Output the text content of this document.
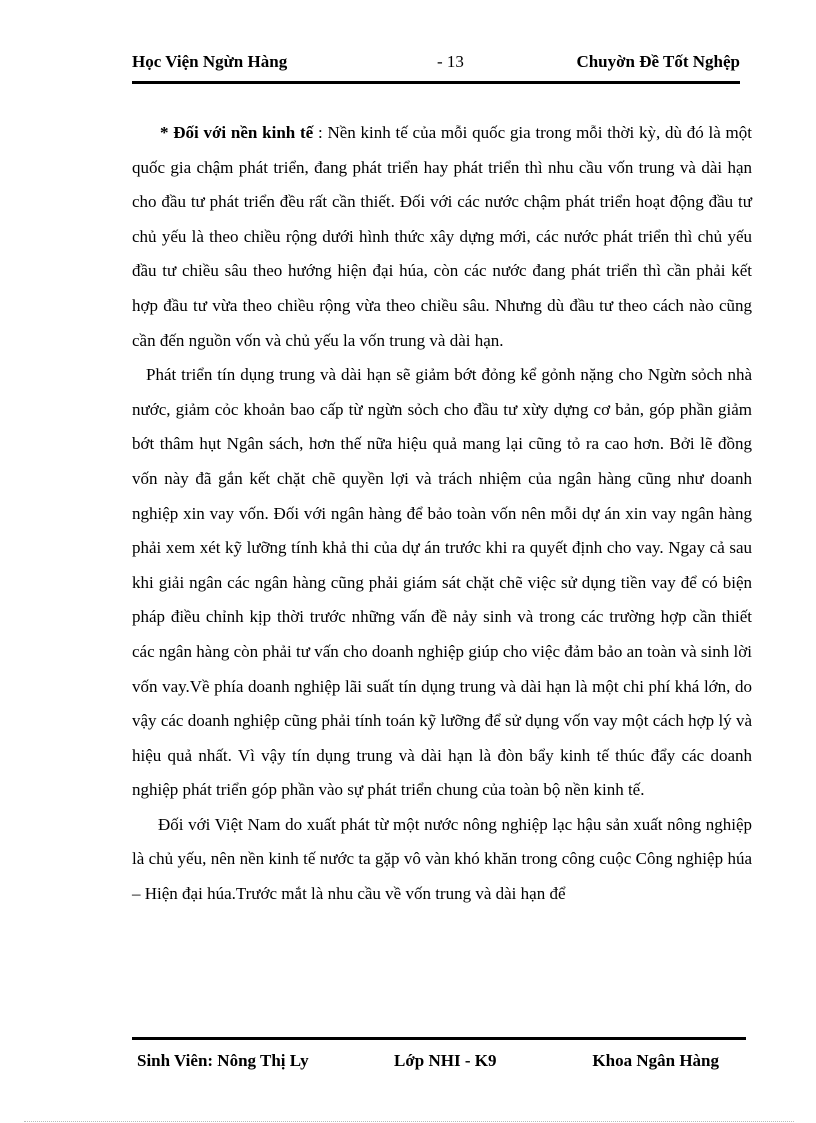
Học Viện Ngừn Hàng	- 13	Chuyờn Đề Tốt Nghệp

* Đối với nền kinh tế : Nền kinh tế của mỗi quốc gia trong mỗi thời kỳ, dù đó là một quốc gia chậm phát triển, đang phát triển hay phát triển thì nhu cầu vốn trung và dài hạn cho đầu tư phát triển đều rất cần thiết. Đối với các nước chậm phát triển hoạt động đầu tư chủ yếu là theo chiều rộng dưới hình thức xây dựng mới, các nước phát triển thì chủ yếu đầu tư chiều sâu theo hướng hiện đại húa, còn các nước đang phát triển thì cần phải kết hợp đầu tư vừa theo chiều rộng vừa theo chiều sâu. Nhưng dù đầu tư theo cách nào cũng cần đến nguồn vốn và chủ yếu la vốn trung và dài hạn.

Phát triển tín dụng trung và dài hạn sẽ giảm bớt đỏng kể gỏnh nặng cho Ngừn sỏch nhà nước, giảm cỏc khoản bao cấp từ ngừn sỏch cho đầu tư xừy dựng cơ bản, góp phần giảm bớt thâm hụt Ngân sách, hơn thế nữa hiệu quả mang lại cũng tỏ ra cao hơn. Bởi lẽ đồng vốn này đã gắn kết chặt chẽ quyền lợi và trách nhiệm của ngân hàng cũng như doanh nghiệp xin vay vốn. Đối với ngân hàng để bảo toàn vốn nên mỗi dự án xin vay ngân hàng phải xem xét kỹ lưỡng tính khả thi của dự án trước khi ra quyết định cho vay. Ngay cả sau khi giải ngân các ngân hàng cũng phải giám sát chặt chẽ việc sử dụng tiền vay để có biện pháp điều chỉnh kịp thời trước những vấn đề nảy sinh và trong các trường hợp cần thiết các ngân hàng còn phải tư vấn cho doanh nghiệp giúp cho việc đảm bảo an toàn và sinh lời vốn vay.Về phía doanh nghiệp lãi suất tín dụng trung và dài hạn là một chi phí khá lớn, do vậy các doanh nghiệp cũng phải tính toán kỹ lưỡng để sử dụng vốn vay một cách hợp lý và hiệu quả nhất. Vì vậy tín dụng trung và dài hạn là đòn bẩy kinh tế thúc đẩy các doanh nghiệp phát triển góp phần vào sự phát triển chung của toàn bộ nền kinh tế.

Đối với Việt Nam do xuất phát từ một nước nông nghiệp lạc hậu sản xuất nông nghiệp là chủ yếu, nên nền kinh tế nước ta gặp vô vàn khó khăn trong công cuộc Công nghiệp húa – Hiện đại húa.Trước mắt là nhu cầu về vốn trung và dài hạn để

Sinh Viên: Nông Thị Ly	Lớp NHI - K9	Khoa Ngân Hàng
